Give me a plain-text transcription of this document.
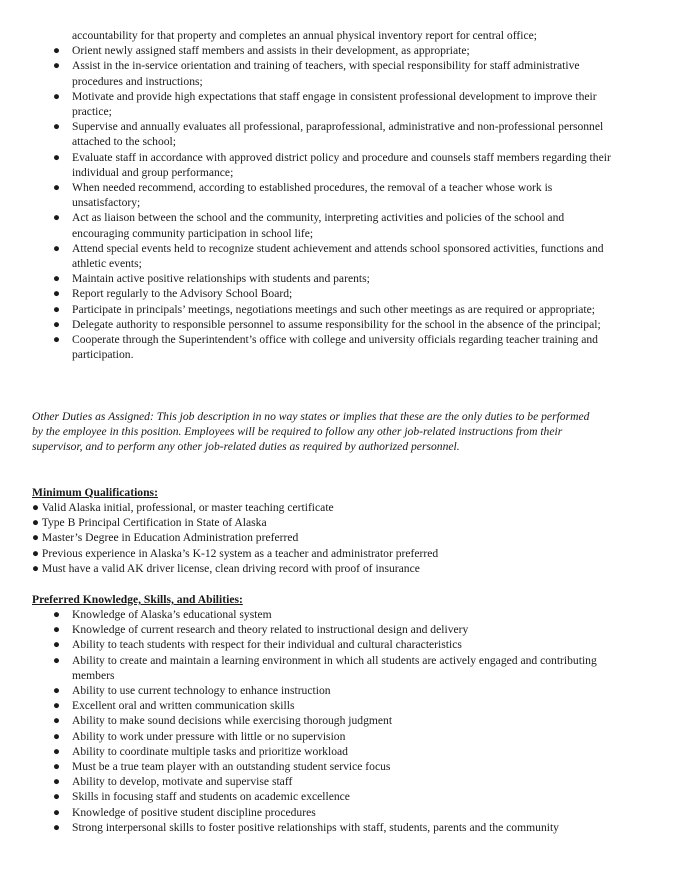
accountability for that property and completes an annual physical inventory report for central office;
● Orient newly assigned staff members and assists in their development, as appropriate;
● Assist in the in-service orientation and training of teachers, with special responsibility for staff administrative procedures and instructions;
● Motivate and provide high expectations that staff engage in consistent professional development to improve their practice;
● Supervise and annually evaluates all professional, paraprofessional, administrative and non-professional personnel attached to the school;
● Evaluate staff in accordance with approved district policy and procedure and counsels staff members regarding their individual and group performance;
● When needed recommend, according to established procedures, the removal of a teacher whose work is unsatisfactory;
● Act as liaison between the school and the community, interpreting activities and policies of the school and encouraging community participation in school life;
● Attend special events held to recognize student achievement and attends school sponsored activities, functions and athletic events;
● Maintain active positive relationships with students and parents;
● Report regularly to the Advisory School Board;
● Participate in principals’ meetings, negotiations meetings and such other meetings as are required or appropriate;
● Delegate authority to responsible personnel to assume responsibility for the school in the absence of the principal;
● Cooperate through the Superintendent’s office with college and university officials regarding teacher training and participation.
Other Duties as Assigned: This job description in no way states or implies that these are the only duties to be performed by the employee in this position. Employees will be required to follow any other job-related instructions from their supervisor, and to perform any other job-related duties as required by authorized personnel.
Minimum Qualifications:
● Valid Alaska initial, professional, or master teaching certificate
● Type B Principal Certification in State of Alaska
● Master’s Degree in Education Administration preferred
● Previous experience in Alaska’s K-12 system as a teacher and administrator preferred
● Must have a valid AK driver license, clean driving record with proof of insurance
Preferred Knowledge, Skills, and Abilities:
● Knowledge of Alaska’s educational system
● Knowledge of current research and theory related to instructional design and delivery
● Ability to teach students with respect for their individual and cultural characteristics
● Ability to create and maintain a learning environment in which all students are actively engaged and contributing members
● Ability to use current technology to enhance instruction
● Excellent oral and written communication skills
● Ability to make sound decisions while exercising thorough judgment
● Ability to work under pressure with little or no supervision
● Ability to coordinate multiple tasks and prioritize workload
● Must be a true team player with an outstanding student service focus
● Ability to develop, motivate and supervise staff
● Skills in focusing staff and students on academic excellence
● Knowledge of positive student discipline procedures
● Strong interpersonal skills to foster positive relationships with staff, students, parents and the community
